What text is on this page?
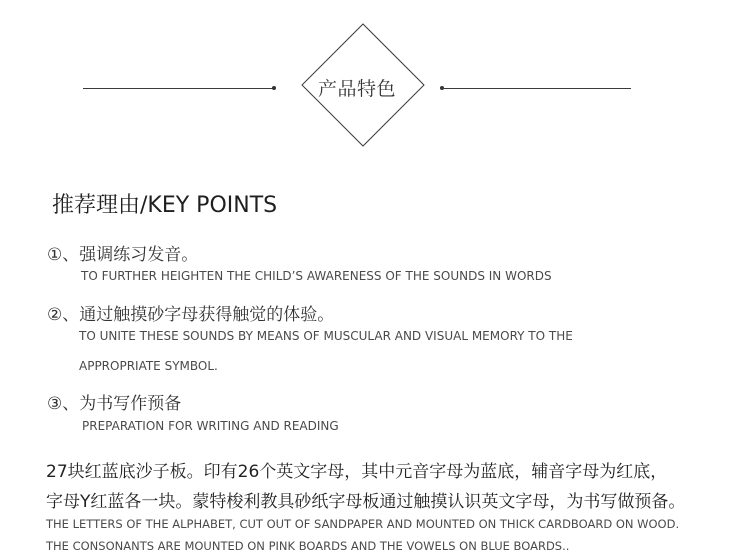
产品特色
推荐理由/KEY POINTS
①、强调练习发音。
TO FURTHER HEIGHTEN THE CHILD’S AWARENESS OF THE SOUNDS IN WORDS
②、通过触摸砂字母获得触觉的体验。
TO UNITE THESE SOUNDS BY MEANS OF MUSCULAR AND VISUAL MEMORY TO THE
APPROPRIATE SYMBOL.
③、为书写作预备
PREPARATION FOR WRITING AND READING
27块红蓝底沙子板。印有26个英文字母，其中元音字母为蓝底，辅音字母为红底，
字母Y红蓝各一块。蒙特梭利教具砂纸字母板通过触摸认识英文字母，为书写做预备。
THE LETTERS OF THE ALPHABET, CUT OUT OF SANDPAPER AND MOUNTED ON THICK CARDBOARD ON WOOD.
THE CONSONANTS ARE MOUNTED ON PINK BOARDS AND THE VOWELS ON BLUE BOARDS..
